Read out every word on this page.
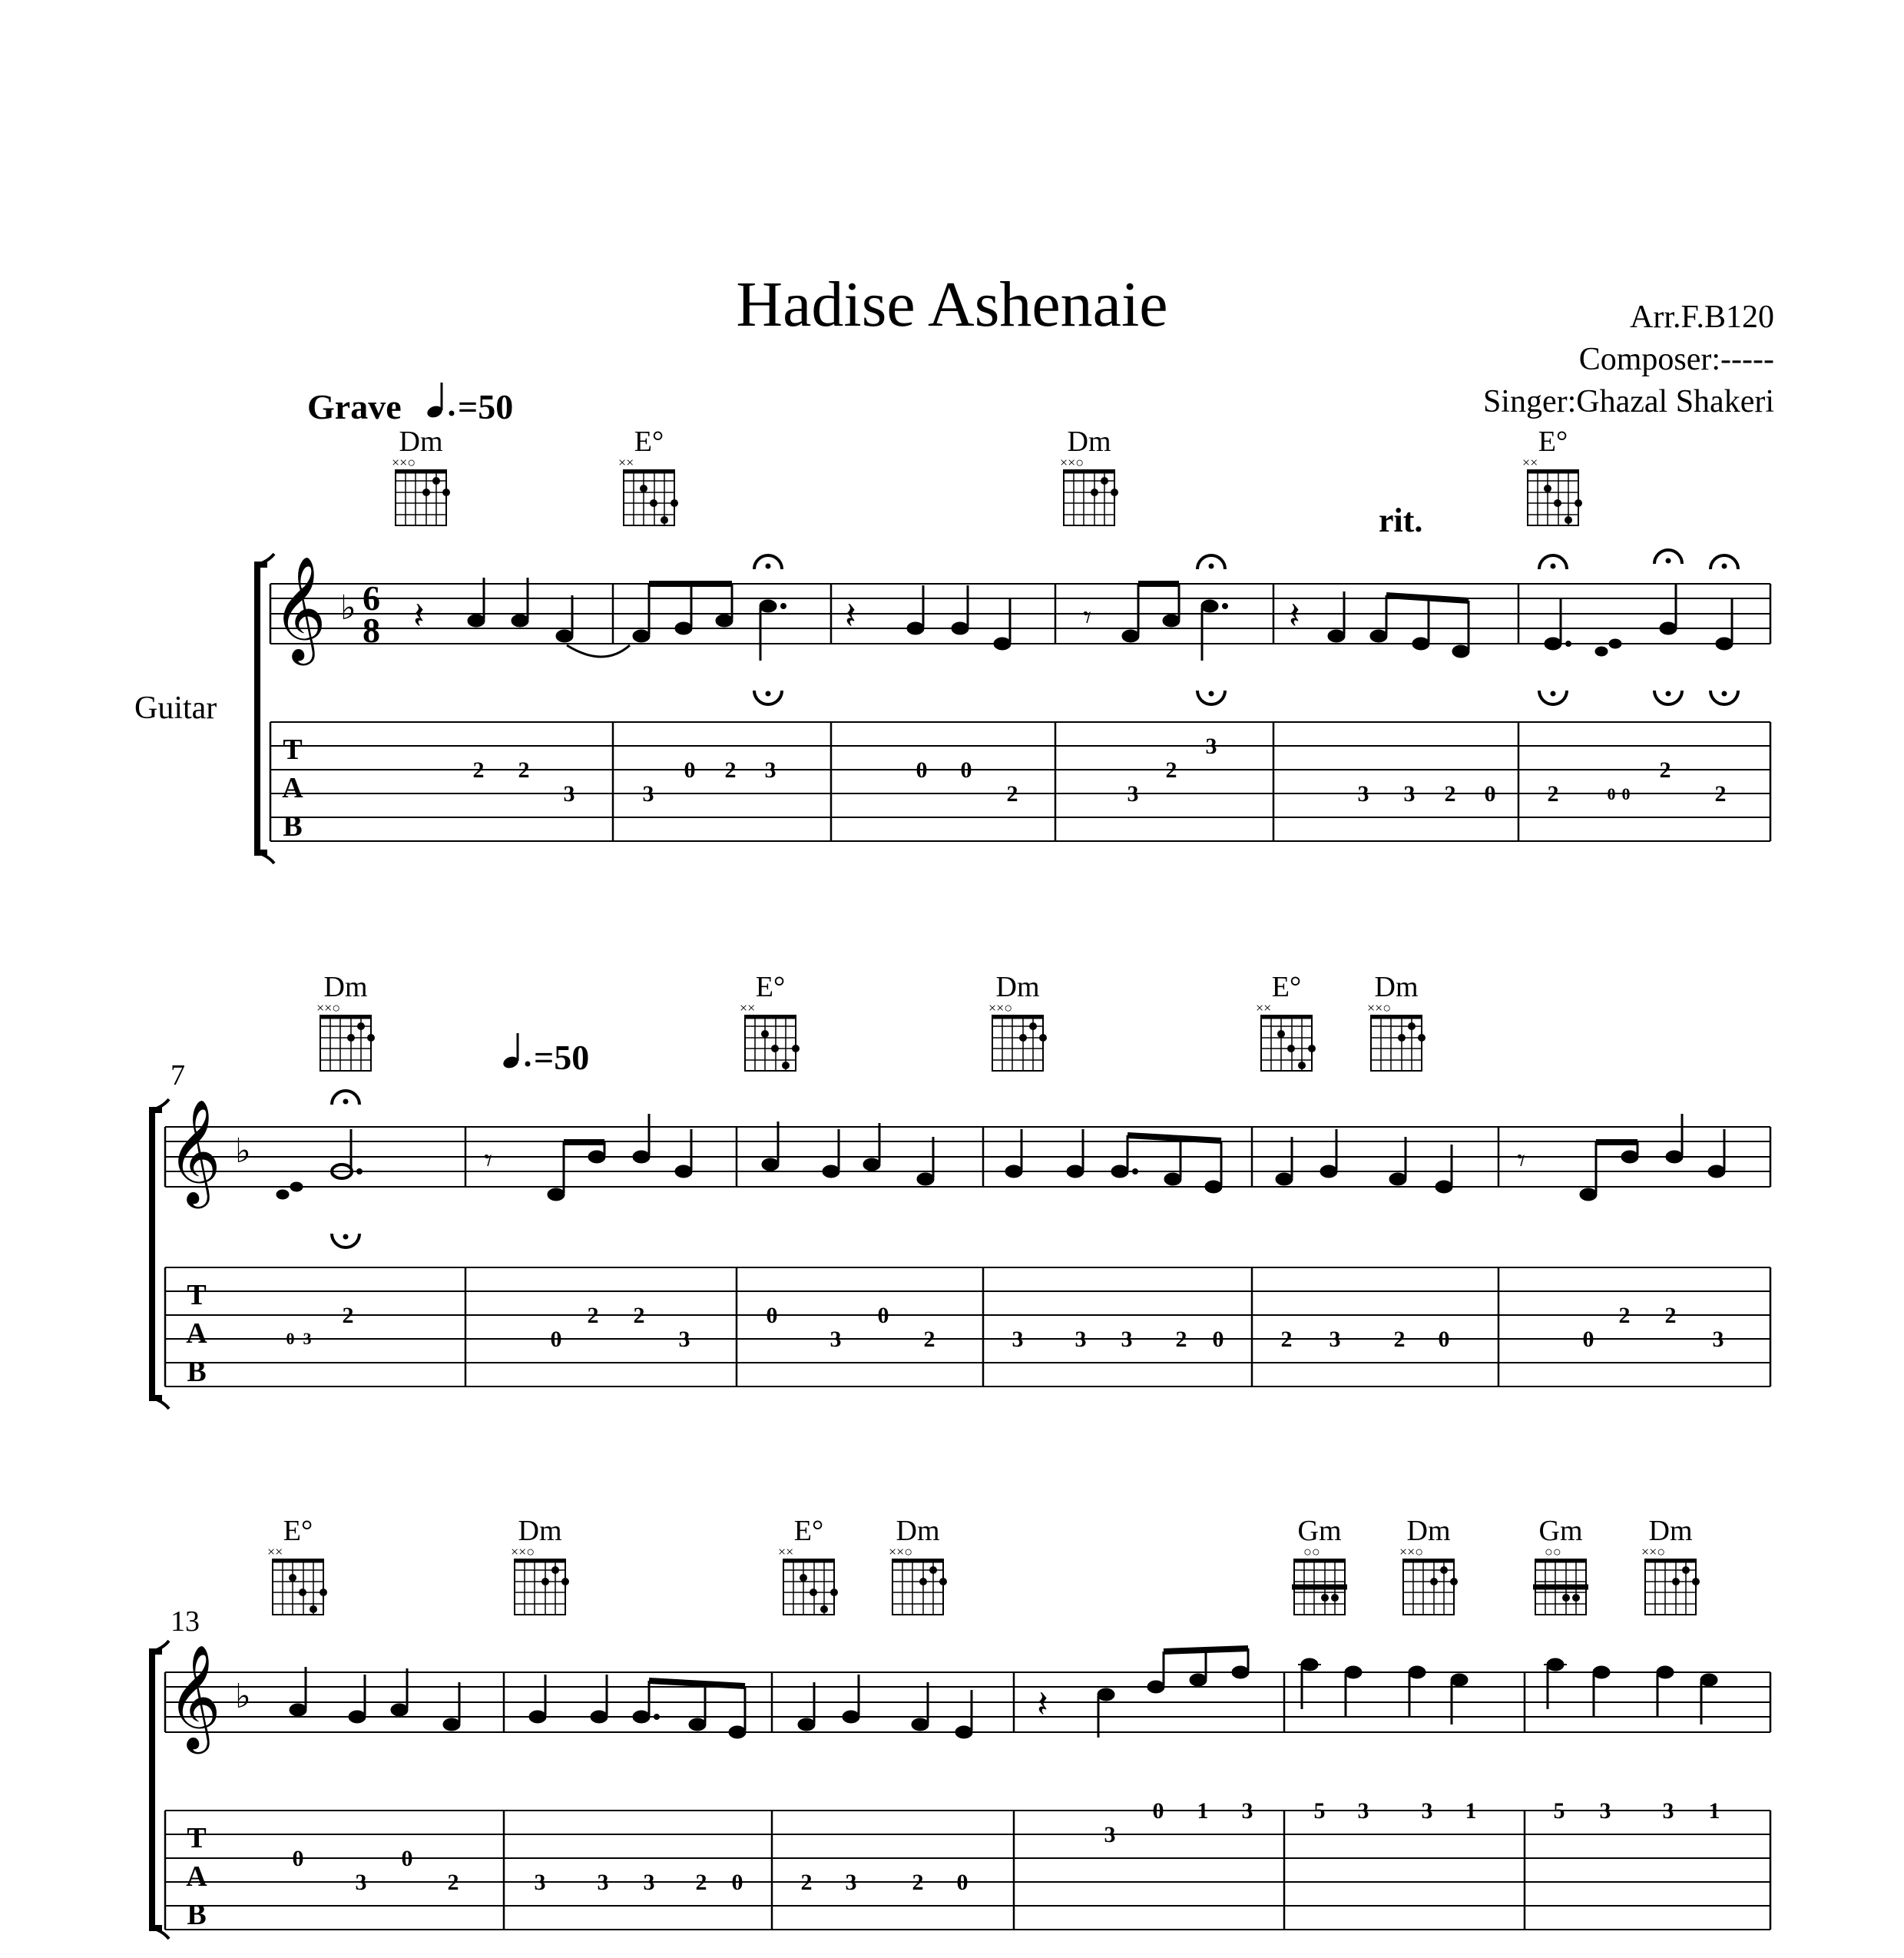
Hadise Ashenaie	Arr.F.B120
Composer:-----
Singer:Ghazal Shakeri
Grave =50
rit.
=50
Guitar
7
13
Dm
××○
E°
××
Dm
××○
E°
××
𝄞 ♭ 6
8
T
A
B
𝄽	𝄽	𝄾	𝄽
2 2
3	3
0 2 3	0 0
2	3
2
3
3 3 2 0 2
2
2
0 0
Dm
××○
E°
××
Dm
××○
E°
××
Dm
××○
𝄞 ♭
T
A
B
𝄾	𝄾
2
0
2 2
3
0
3
0
2	3 3 3 2 0 2 3 2 0	0
2 2
3
0 3
E°
××
Dm
××○
E°
××
Dm
××○
Gm
○○
Dm
××○
Gm
○○
Dm
××○
𝄞 ♭
T
A
B
𝄽
0
3
0
2	3 3 3 2 0	2 3 2 0
3
0 1 3	5 3 3 1	5 3 3 1
